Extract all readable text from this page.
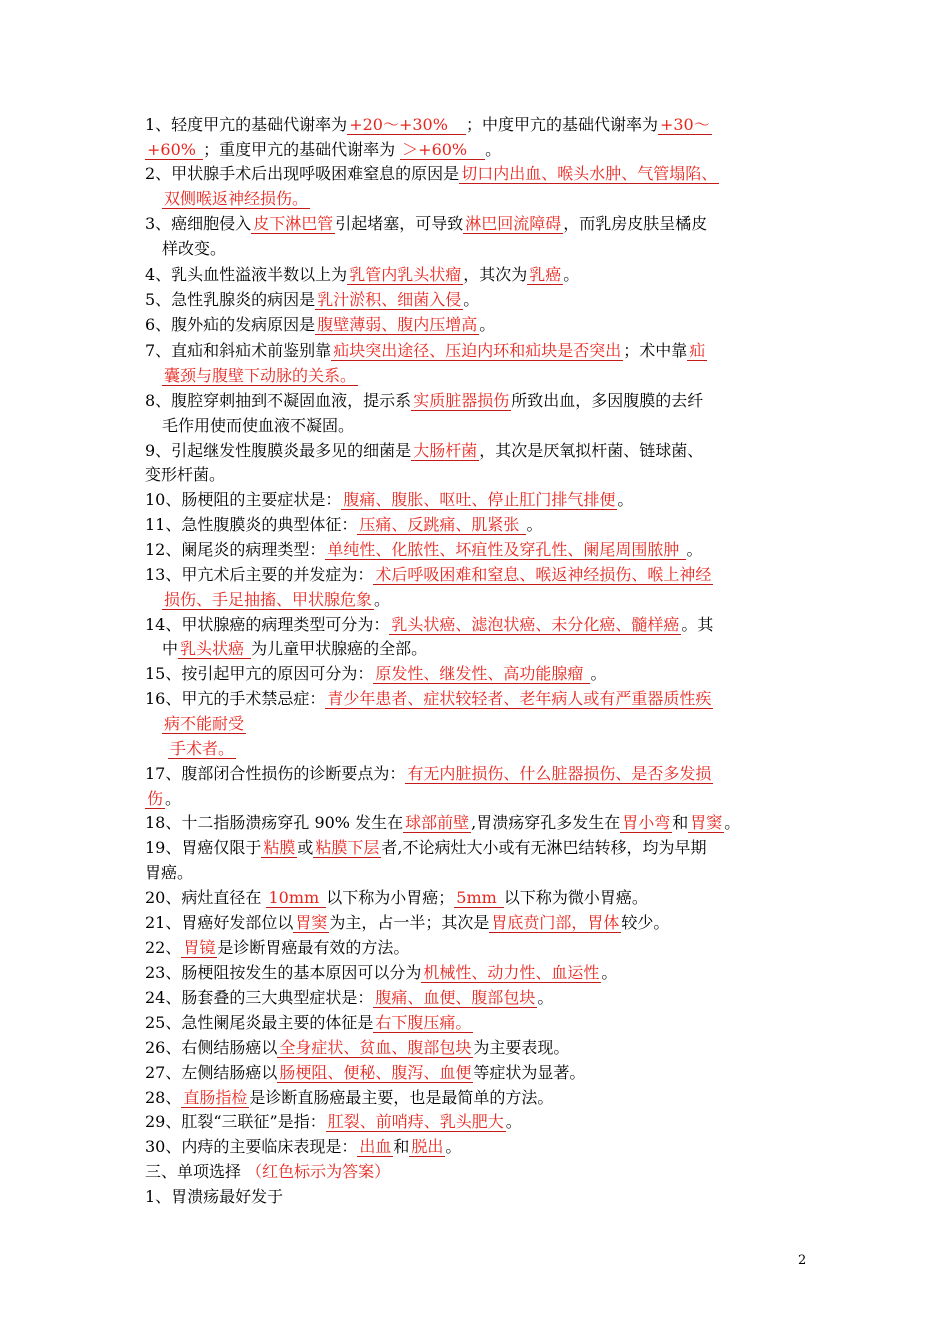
1、轻度甲亢的基础代谢率为 +20～+30%　；中度甲亢的基础代谢率为 +30～
+60% ；重度甲亢的基础代谢率为 ＞+60%　。
2、甲状腺手术后出现呼吸困难窒息的原因是 切口内出血、喉头水肿、气管塌陷、
双侧喉返神经损伤。
3、癌细胞侵入 皮下淋巴管 引起堵塞，可导致 淋巴回流障碍 ，而乳房皮肤呈橘皮
样改变。
4、乳头血性溢液半数以上为 乳管内乳头状瘤 ，其次为 乳癌 。
5、急性乳腺炎的病因是 乳汁淤积、细菌入侵 。
6、腹外疝的发病原因是 腹壁薄弱、腹内压增高 。
7、直疝和斜疝术前鉴别靠 疝块突出途径、压迫内环和疝块是否突出 ；术中靠 疝
囊颈与腹壁下动脉的关系。
8、腹腔穿刺抽到不凝固血液，提示系 实质脏器损伤 所致出血，多因腹膜的去纤
毛作用使而使血液不凝固。
9、引起继发性腹膜炎最多见的细菌是 大肠杆菌 ，其次是厌氧拟杆菌、链球菌、
变形杆菌。
10、肠梗阻的主要症状是： 腹痛、腹胀、呕吐、停止肛门排气排便 。
11、急性腹膜炎的典型体征： 压痛、反跳痛、肌紧张 。
12、阑尾炎的病理类型： 单纯性、化脓性、坏疽性及穿孔性、阑尾周围脓肿 。
13、甲亢术后主要的并发症为： 术后呼吸困难和窒息、喉返神经损伤、喉上神经
损伤、手足抽搐、甲状腺危象 。
14、甲状腺癌的病理类型可分为： 乳头状癌、滤泡状癌、未分化癌、髓样癌 。其
中 乳头状癌 为儿童甲状腺癌的全部。
15、按引起甲亢的原因可分为： 原发性、继发性、高功能腺瘤 。
16、甲亢的手术禁忌症： 青少年患者、症状较轻者、老年病人或有严重器质性疾
病不能耐受
手术者。
17、腹部闭合性损伤的诊断要点为： 有无内脏损伤、什么脏器损伤、是否多发损
伤 。
18、十二指肠溃疡穿孔 90% 发生在 球部前壁 ,胃溃疡穿孔多发生在 胃小弯 和 胃窦 。
19、胃癌仅限于 粘膜 或 粘膜下层 者,不论病灶大小或有无淋巴结转移，均为早期
胃癌。
20、病灶直径在 10mm 以下称为小胃癌； 5mm 以下称为微小胃癌。
21、胃癌好发部位以 胃窦 为主，占一半；其次是 胃底贲门部，胃体 较少。
22、 胃镜 是诊断胃癌最有效的方法。
23、肠梗阻按发生的基本原因可以分为 机械性、动力性、血运性 。
24、肠套叠的三大典型症状是： 腹痛、血便、腹部包块 。
25、急性阑尾炎最主要的体征是 右下腹压痛。
26、右侧结肠癌以 全身症状、贫血、腹部包块 为主要表现。
27、左侧结肠癌以 肠梗阻、便秘、腹泻、血便 等症状为显著。
28、 直肠指检 是诊断直肠癌最主要，也是最简单的方法。
29、肛裂“三联征”是指： 肛裂、前哨痔、乳头肥大 。
30、内痔的主要临床表现是： 出血 和 脱出 。
三、单项选择 （红色标示为答案）
1、胃溃疡最好发于
2
